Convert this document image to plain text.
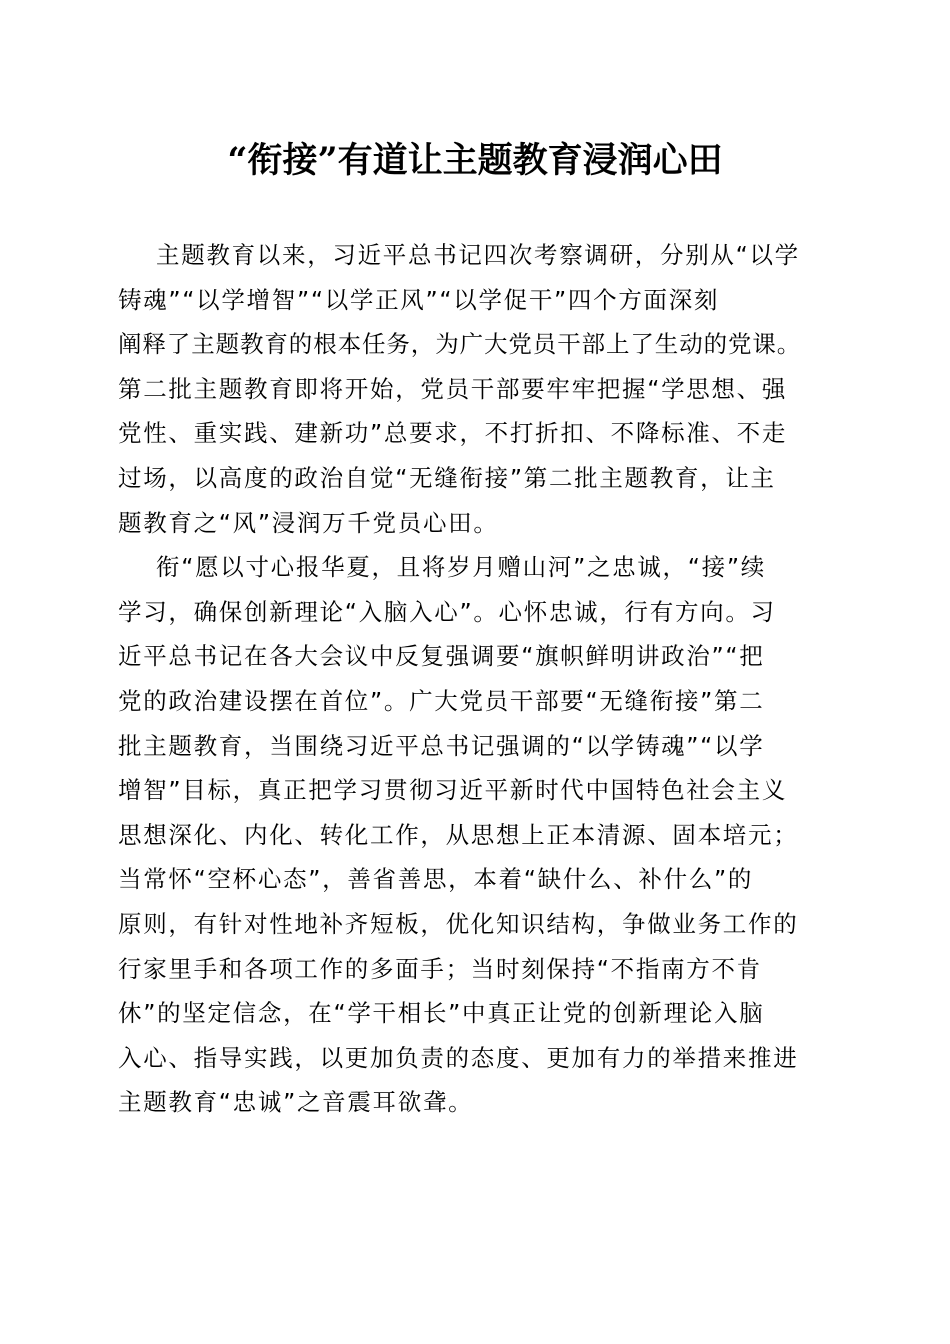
“衔接”有道让主题教育浸润心田
主题教育以来，习近平总书记四次考察调研，分别从“以学
铸魂”“以学增智”“以学正风”“以学促干”四个方面深刻
阐释了主题教育的根本任务，为广大党员干部上了生动的党课。
第二批主题教育即将开始，党员干部要牢牢把握“学思想、强
党性、重实践、建新功”总要求，不打折扣、不降标准、不走
过场，以高度的政治自觉“无缝衔接”第二批主题教育，让主
题教育之“风”浸润万千党员心田。
衔“愿以寸心报华夏，且将岁月赠山河”之忠诚，“接”续
学习，确保创新理论“入脑入心”。心怀忠诚，行有方向。习
近平总书记在各大会议中反复强调要“旗帜鲜明讲政治”“把
党的政治建设摆在首位”。广大党员干部要“无缝衔接”第二
批主题教育，当围绕习近平总书记强调的“以学铸魂”“以学
增智”目标，真正把学习贯彻习近平新时代中国特色社会主义
思想深化、内化、转化工作，从思想上正本清源、固本培元；
当常怀“空杯心态”，善省善思，本着“缺什么、补什么”的
原则，有针对性地补齐短板，优化知识结构，争做业务工作的
行家里手和各项工作的多面手；当时刻保持“不指南方不肯
休”的坚定信念，在“学干相长”中真正让党的创新理论入脑
入心、指导实践，以更加负责的态度、更加有力的举措来推进
主题教育“忠诚”之音震耳欲聋。
